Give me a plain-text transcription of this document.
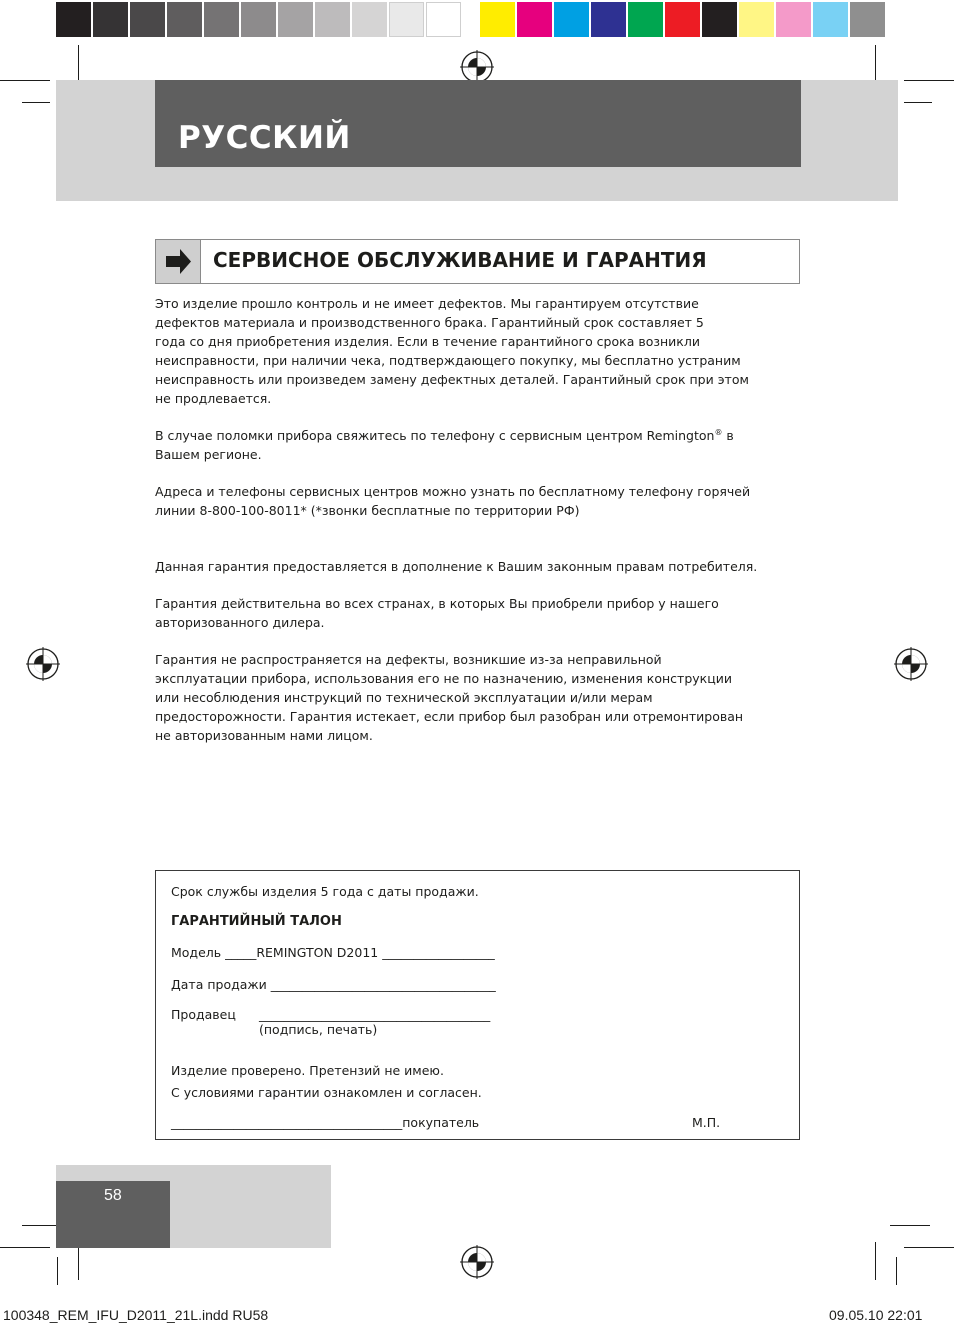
РУССКИЙ
СЕРВИСНОЕ ОБСЛУЖИВАНИЕ И ГАРАНТИЯ

Это изделие прошло контроль и не имеет дефектов. Мы гарантируем отсутствие
дефектов материала и производственного брака. Гарантийный срок составляет 5
года со дня приобретения изделия. Если в течение гарантийного срока возникли
неисправности, при наличии чека, подтверждающего покупку, мы бесплатно устраним
неисправность или произведем замену дефектных деталей. Гарантийный срок при этом
не продлевается.

В случае поломки прибора свяжитесь по телефону с сервисным центром Remington® в
Вашем регионе.

Адреса и телефоны сервисных центров можно узнать по бесплатному телефону горячей
линии 8-800-100-8011* (*звонки бесплатные по территории РФ)

Данная гарантия предоставляется в дополнение к Вашим законным правам потребителя.

Гарантия действительна во всех странах, в которых Вы приобрели прибор у нашего
авторизованного дилера.

Гарантия не распространяется на дефекты, возникшие из-за неправильной
эксплуатации прибора, использования его не по назначению, изменения конструкции
или несоблюдения инструкций по технической эксплуатации и/или мерам
предосторожности. Гарантия истекает, если прибор был разобран или отремонтирован
не авторизованным нами лицом.

Срок службы изделия 5 года с даты продажи.

ГАРАНТИЙНЫЙ ТАЛОН

Модель _____REMINGTON D2011 __________________

Дата продажи ____________________________________

Продавец _____________________________________

(подпись, печать)

Изделие проверено. Претензий не имею.

С условиями гарантии ознакомлен и согласен.

_____________________________________покупатель	М.П.

58
100348_REM_IFU_D2011_21L.indd RU58	09.05.10 22:01
